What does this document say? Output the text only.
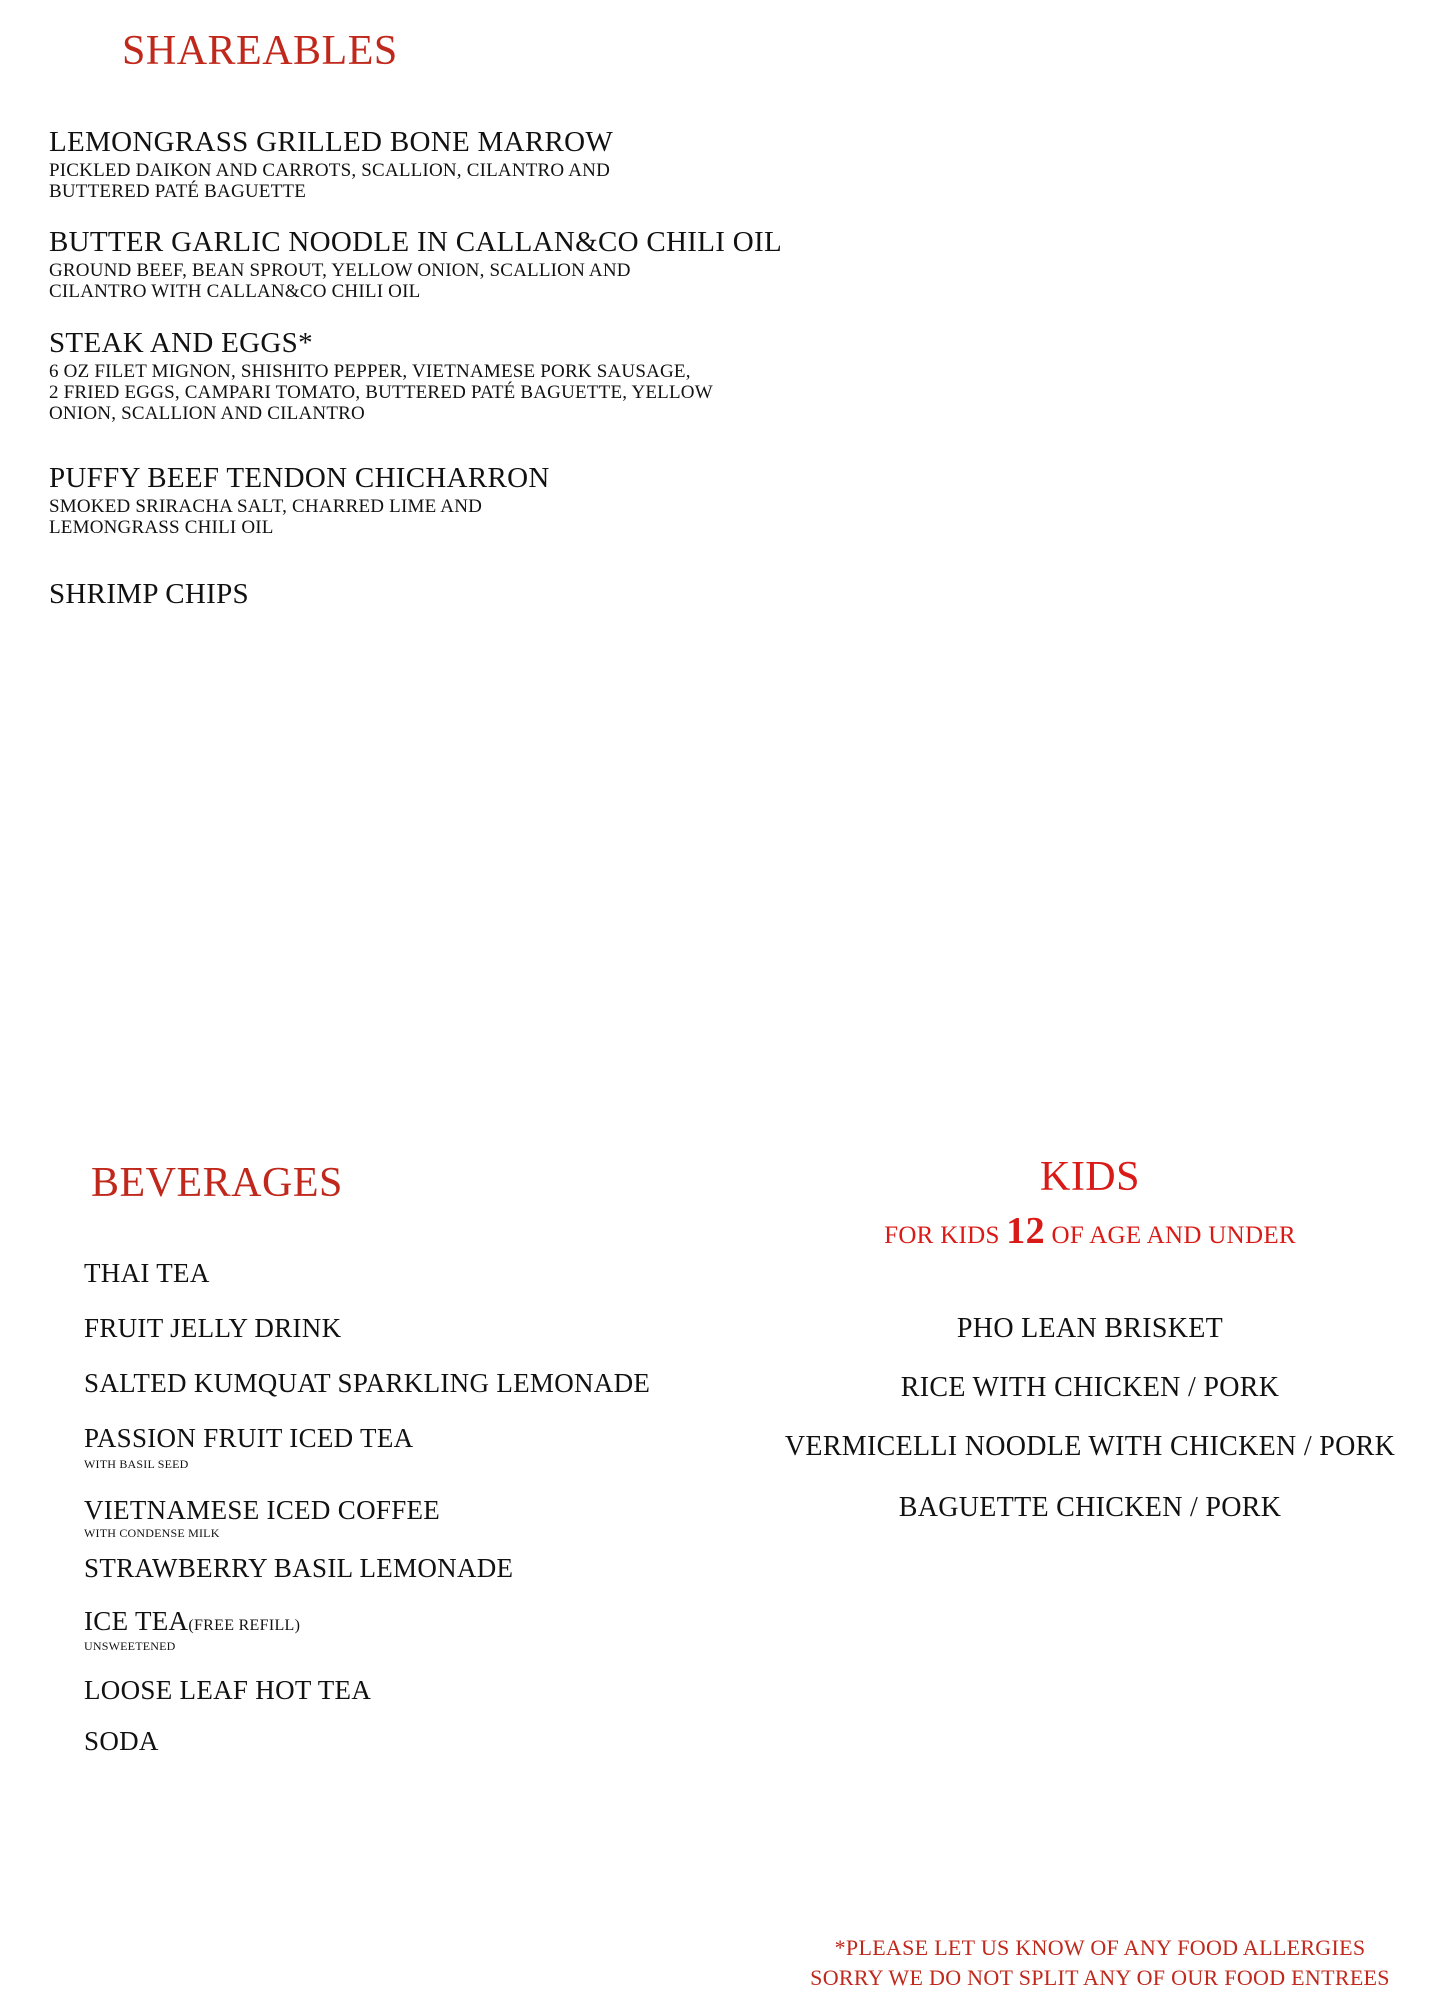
SHAREABLES
LEMONGRASS GRILLED BONE MARROW
PICKLED DAIKON AND CARROTS, SCALLION, CILANTRO AND
BUTTERED PATÉ BAGUETTE
BUTTER GARLIC NOODLE IN CALLAN&CO CHILI OIL
GROUND BEEF, BEAN SPROUT, YELLOW ONION, SCALLION AND
CILANTRO WITH CALLAN&CO CHILI OIL
STEAK AND EGGS*
6 OZ FILET MIGNON, SHISHITO PEPPER, VIETNAMESE PORK SAUSAGE,
2 FRIED EGGS, CAMPARI TOMATO, BUTTERED PATÉ BAGUETTE, YELLOW
ONION, SCALLION AND CILANTRO
PUFFY BEEF TENDON CHICHARRON
SMOKED SRIRACHA SALT, CHARRED LIME AND
LEMONGRASS CHILI OIL
SHRIMP CHIPS
BEVERAGES
THAI TEA
FRUIT JELLY DRINK
SALTED KUMQUAT SPARKLING LEMONADE
PASSION FRUIT ICED TEA
WITH BASIL SEED
VIETNAMESE ICED COFFEE
WITH CONDENSE MILK
STRAWBERRY BASIL LEMONADE
ICE TEA(FREE REFILL)
UNSWEETENED
LOOSE LEAF HOT TEA
SODA
KIDS
FOR KIDS 12 OF AGE AND UNDER
PHO LEAN BRISKET
RICE WITH CHICKEN / PORK
VERMICELLI NOODLE WITH CHICKEN / PORK
BAGUETTE CHICKEN / PORK
*PLEASE LET US KNOW OF ANY FOOD ALLERGIES
SORRY WE DO NOT SPLIT ANY OF OUR FOOD ENTREES
